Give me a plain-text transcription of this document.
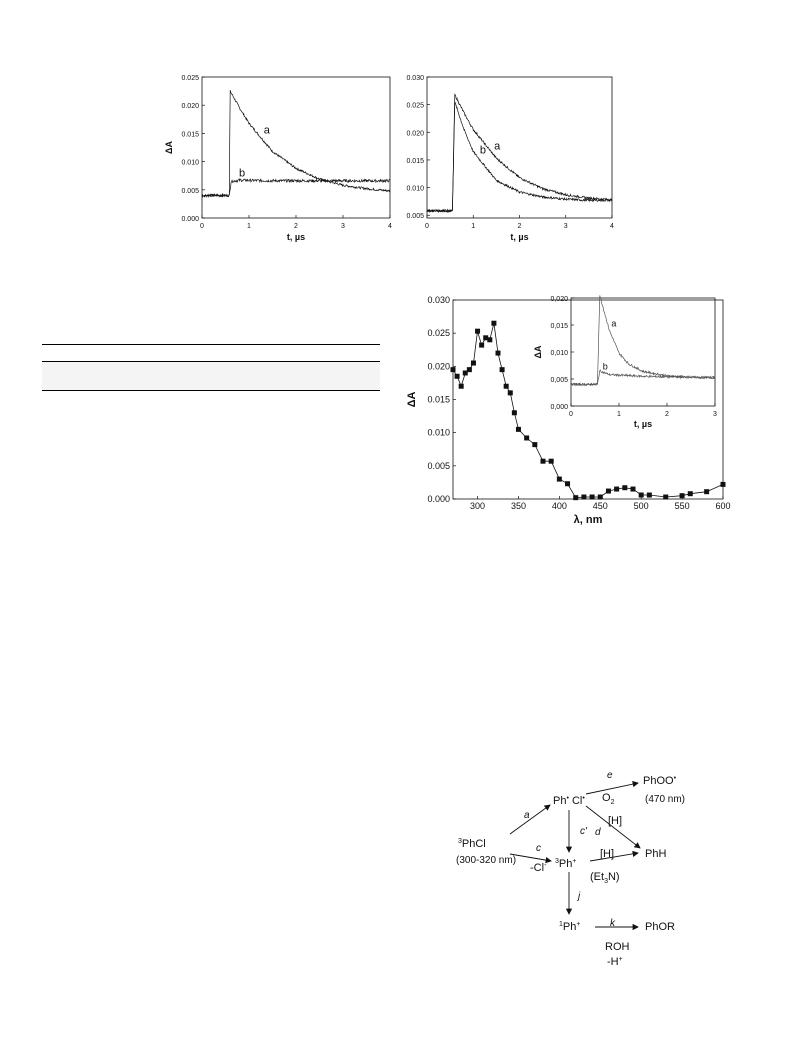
0	1	2	3	4
0.000
0.005
0.010
0.015
0.020
0.025
t, µs
ΔA
a
b
0	1	2	3	4
0.005
0.010
0.015
0.020
0.025
0.030
t, µs
a
b
300	350	400	450	500	550	600
0.000
0.005
0.010
0.015
0.020
0.025
0.030
λ, nm
ΔA
0	1	2	3
0,000
0,005
0,010
0,015
0,020
t, µs
ΔA
a
b
$^3$PhCl
(300-320 nm)
Ph• Cl•
PhOO•
(470 nm)
$O_2$
[H]
PhH
[H]
$(Et_3N)$
$^3$Ph+
-Cl-
$^1$Ph+	PhOR
ROH
-H+
a
c
c' d
e
j
k
